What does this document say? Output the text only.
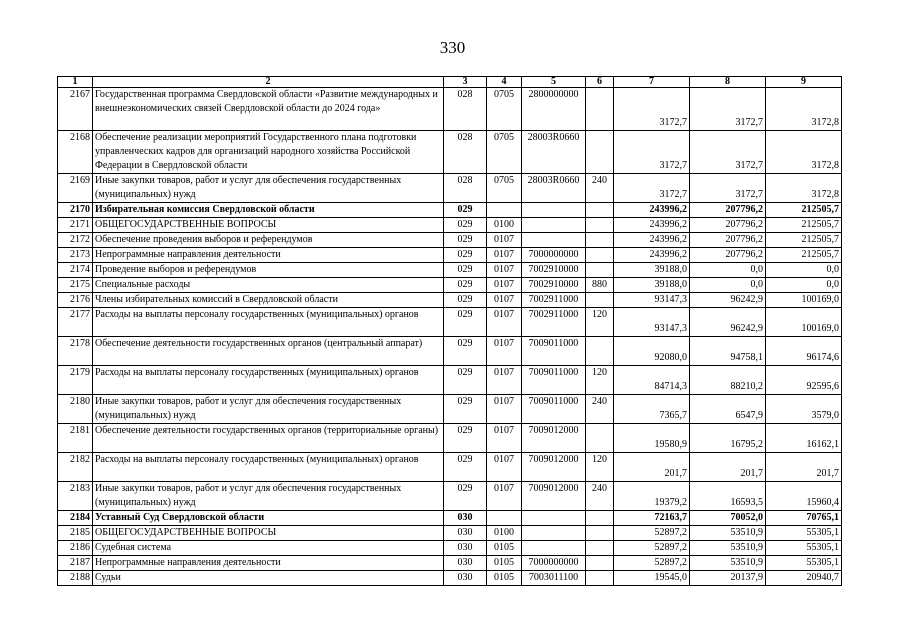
330
1	2	3	4	5	6	7	8	9
2167	Государственная программа Свердловской области «Развитие международных и внешнеэкономических связей Свердловской области до 2024 года»	028	0705	2800000000		3172,7	3172,7	3172,8
2168	Обеспечение реализации мероприятий Государственного плана подготовки управленческих кадров для организаций народного хозяйства Российской Федерации в Свердловской области	028	0705	28003R0660		3172,7	3172,7	3172,8
2169	Иные закупки товаров, работ и услуг для обеспечения государственных (муниципальных) нужд	028	0705	28003R0660	240	3172,7	3172,7	3172,8
2170	Избирательная комиссия Свердловской области	029				243996,2	207796,2	212505,7
2171	ОБЩЕГОСУДАРСТВЕННЫЕ ВОПРОСЫ	029	0100			243996,2	207796,2	212505,7
2172	Обеспечение проведения выборов и референдумов	029	0107			243996,2	207796,2	212505,7
2173	Непрограммные направления деятельности	029	0107	7000000000		243996,2	207796,2	212505,7
2174	Проведение выборов и референдумов	029	0107	7002910000		39188,0	0,0	0,0
2175	Специальные расходы	029	0107	7002910000	880	39188,0	0,0	0,0
2176	Члены избирательных комиссий в Свердловской области	029	0107	7002911000		93147,3	96242,9	100169,0
2177	Расходы на выплаты персоналу государственных (муниципальных) органов	029	0107	7002911000	120	93147,3	96242,9	100169,0
2178	Обеспечение деятельности государственных органов (центральный аппарат)	029	0107	7009011000		92080,0	94758,1	96174,6
2179	Расходы на выплаты персоналу государственных (муниципальных) органов	029	0107	7009011000	120	84714,3	88210,2	92595,6
2180	Иные закупки товаров, работ и услуг для обеспечения государственных (муниципальных) нужд	029	0107	7009011000	240	7365,7	6547,9	3579,0
2181	Обеспечение деятельности государственных органов (территориальные органы)	029	0107	7009012000		19580,9	16795,2	16162,1
2182	Расходы на выплаты персоналу государственных (муниципальных) органов	029	0107	7009012000	120	201,7	201,7	201,7
2183	Иные закупки товаров, работ и услуг для обеспечения государственных (муниципальных) нужд	029	0107	7009012000	240	19379,2	16593,5	15960,4
2184	Уставный Суд Свердловской области	030				72163,7	70052,0	70765,1
2185	ОБЩЕГОСУДАРСТВЕННЫЕ ВОПРОСЫ	030	0100			52897,2	53510,9	55305,1
2186	Судебная система	030	0105			52897,2	53510,9	55305,1
2187	Непрограммные направления деятельности	030	0105	7000000000		52897,2	53510,9	55305,1
2188	Судьи	030	0105	7003011100		19545,0	20137,9	20940,7
